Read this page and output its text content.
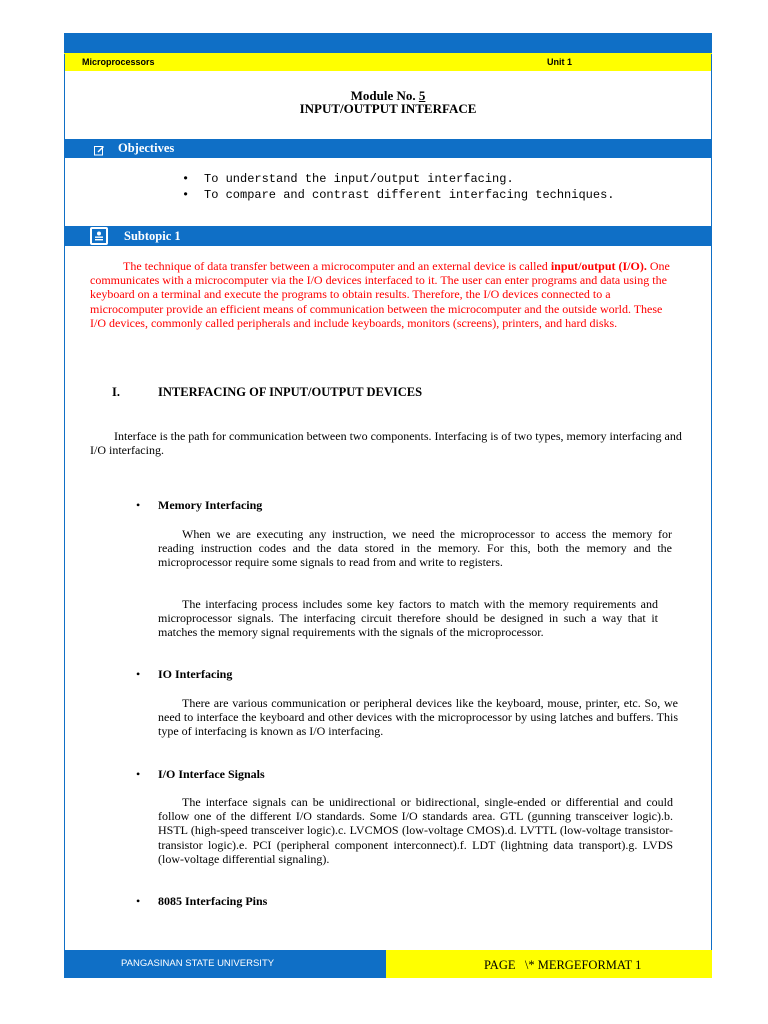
Microprocessors	Unit 1
Module No. 5
INPUT/OUTPUT INTERFACE
Objectives
• To understand the input/output interfacing.
• To compare and contrast different interfacing techniques.
Subtopic 1
The technique of data transfer between a microcomputer and an external device is called input/output (I/O). One communicates with a microcomputer via the I/O devices interfaced to it. The user can enter programs and data using the keyboard on a terminal and execute the programs to obtain results. Therefore, the I/O devices connected to a microcomputer provide an efficient means of communication between the microcomputer and the outside world. These I/O devices, commonly called peripherals and include keyboards, monitors (screens), printers, and hard disks.
I.	INTERFACING OF INPUT/OUTPUT DEVICES
Interface is the path for communication between two components. Interfacing is of two types, memory interfacing and I/O interfacing.
• Memory Interfacing
When we are executing any instruction, we need the microprocessor to access the memory for reading instruction codes and the data stored in the memory. For this, both the memory and the microprocessor require some signals to read from and write to registers.
The interfacing process includes some key factors to match with the memory requirements and microprocessor signals. The interfacing circuit therefore should be designed in such a way that it matches the memory signal requirements with the signals of the microprocessor.
• IO Interfacing
There are various communication or peripheral devices like the keyboard, mouse, printer, etc. So, we need to interface the keyboard and other devices with the microprocessor by using latches and buffers. This type of interfacing is known as I/O interfacing.
• I/O Interface Signals
The interface signals can be unidirectional or bidirectional, single-ended or differential and could follow one of the different I/O standards. Some I/O standards area. GTL (gunning transceiver logic).b. HSTL (high-speed transceiver logic).c. LVCMOS (low-voltage CMOS).d. LVTTL (low-voltage transistor-transistor logic).e. PCI (peripheral component interconnect).f. LDT (lightning data transport).g. LVDS (low-voltage differential signaling).
• 8085 Interfacing Pins
PANGASINAN STATE UNIVERSITY	PAGE   \* MERGEFORMAT 1
